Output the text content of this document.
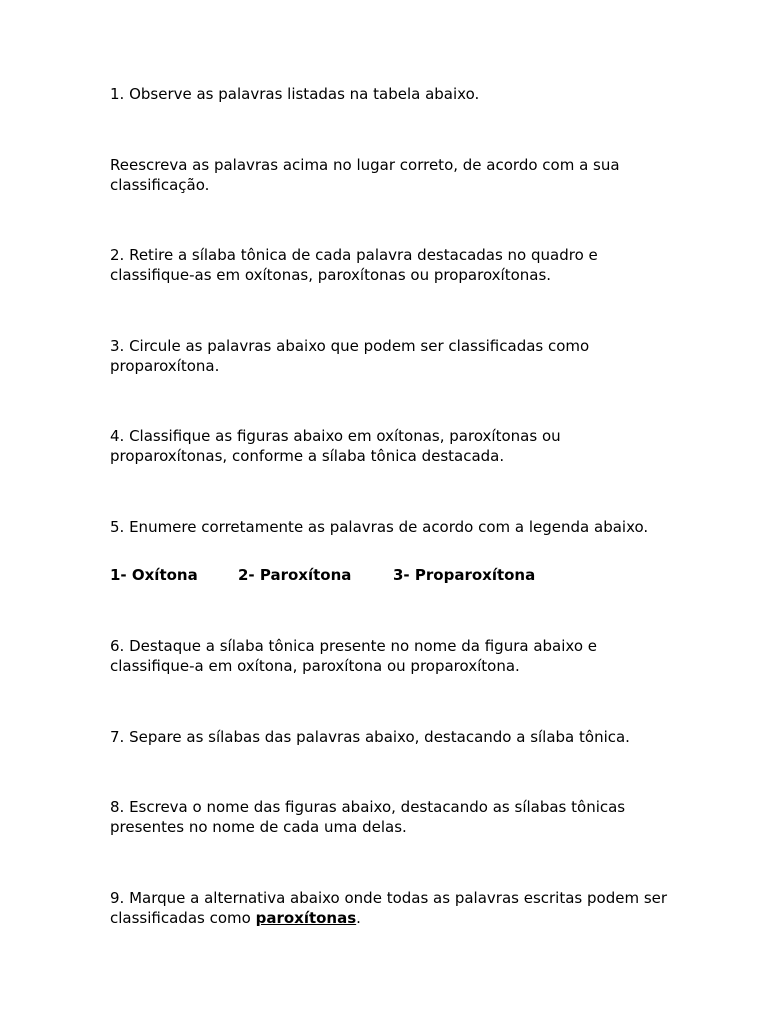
1. Observe as palavras listadas na tabela abaixo.

Reescreva as palavras acima no lugar correto, de acordo com a sua classificação.

2. Retire a sílaba tônica de cada palavra destacadas no quadro e classifique-as em oxítonas, paroxítonas ou proparoxítonas.

3. Circule as palavras abaixo que podem ser classificadas como proparoxítona.

4. Classifique as figuras abaixo em oxítonas, paroxítonas ou proparoxítonas, conforme a sílaba tônica destacada.

5. Enumere corretamente as palavras de acordo com a legenda abaixo.

1- Oxítona	2- Paroxítona	3- Proparoxítona

6. Destaque a sílaba tônica presente no nome da figura abaixo e classifique-a em oxítona, paroxítona ou proparoxítona.

7. Separe as sílabas das palavras abaixo, destacando a sílaba tônica.

8. Escreva o nome das figuras abaixo, destacando as sílabas tônicas presentes no nome de cada uma delas.

9. Marque a alternativa abaixo onde todas as palavras escritas podem ser classificadas como paroxítonas.
